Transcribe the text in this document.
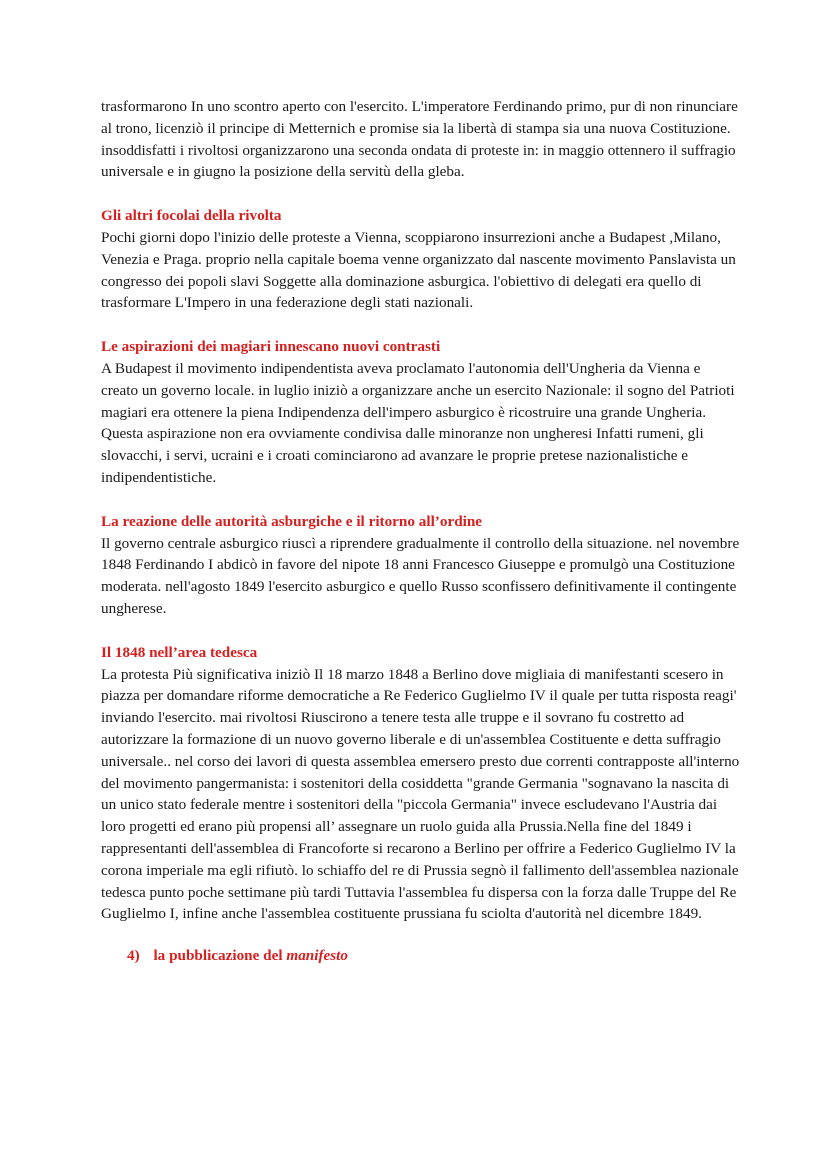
trasformarono In uno scontro aperto con l'esercito. L'imperatore Ferdinando primo, pur di non rinunciare al trono, licenziò il principe di Metternich e promise sia la libertà di stampa sia una nuova Costituzione. insoddisfatti i rivoltosi organizzarono una seconda ondata di proteste in: in maggio ottennero il suffragio universale e in giugno la posizione della servitù della gleba.

Gli altri focolai della rivolta

Pochi giorni dopo l'inizio delle proteste a Vienna, scoppiarono insurrezioni anche a Budapest ,Milano, Venezia e Praga. proprio nella capitale boema venne organizzato dal nascente movimento Panslavista un congresso dei popoli slavi Soggette alla dominazione asburgica. l'obiettivo di delegati era quello di trasformare L'Impero in una federazione degli stati nazionali.

Le aspirazioni dei magiari innescano nuovi contrasti

A Budapest il movimento indipendentista aveva proclamato l'autonomia dell'Ungheria da Vienna e creato un governo locale. in luglio iniziò a organizzare anche un esercito Nazionale: il sogno del Patrioti magiari era ottenere la piena Indipendenza dell'impero asburgico è ricostruire una grande Ungheria. Questa aspirazione non era ovviamente condivisa dalle minoranze non ungheresi Infatti rumeni, gli slovacchi, i servi, ucraini e i croati cominciarono ad avanzare le proprie pretese nazionalistiche e indipendentistiche.

La reazione delle autorità asburgiche e il ritorno all’ordine

Il governo centrale asburgico riuscì a riprendere gradualmente il controllo della situazione. nel novembre 1848 Ferdinando I abdicò in favore del nipote 18 anni Francesco Giuseppe e promulgò una Costituzione moderata. nell'agosto 1849 l'esercito asburgico e quello Russo sconfissero definitivamente il contingente ungherese.

Il 1848 nell’area tedesca

La protesta Più significativa iniziò Il 18 marzo 1848 a Berlino dove migliaia di manifestanti scesero in piazza per domandare riforme democratiche a Re Federico Guglielmo IV il quale per tutta risposta reagi' inviando l'esercito. mai rivoltosi Riuscirono a tenere testa alle truppe e il sovrano fu costretto ad autorizzare la formazione di un nuovo governo liberale e di un'assemblea Costituente e detta suffragio universale.. nel corso dei lavori di questa assemblea emersero presto due correnti contrapposte all'interno del movimento pangermanista: i sostenitori della cosiddetta "grande Germania "sognavano la nascita di un unico stato federale mentre i sostenitori della "piccola Germania" invece escludevano l'Austria dai loro progetti ed erano più propensi all’ assegnare un ruolo guida alla Prussia.Nella fine del 1849 i rappresentanti dell'assemblea di Francoforte si recarono a Berlino per offrire a Federico Guglielmo IV la corona imperiale ma egli rifiutò. lo schiaffo del re di Prussia segnò il fallimento dell'assemblea nazionale tedesca punto poche settimane più tardi Tuttavia l'assemblea fu dispersa con la forza dalle Truppe del Re Guglielmo I, infine anche l'assemblea costituente prussiana fu sciolta d'autorità nel dicembre 1849.

4) la pubblicazione del manifesto
